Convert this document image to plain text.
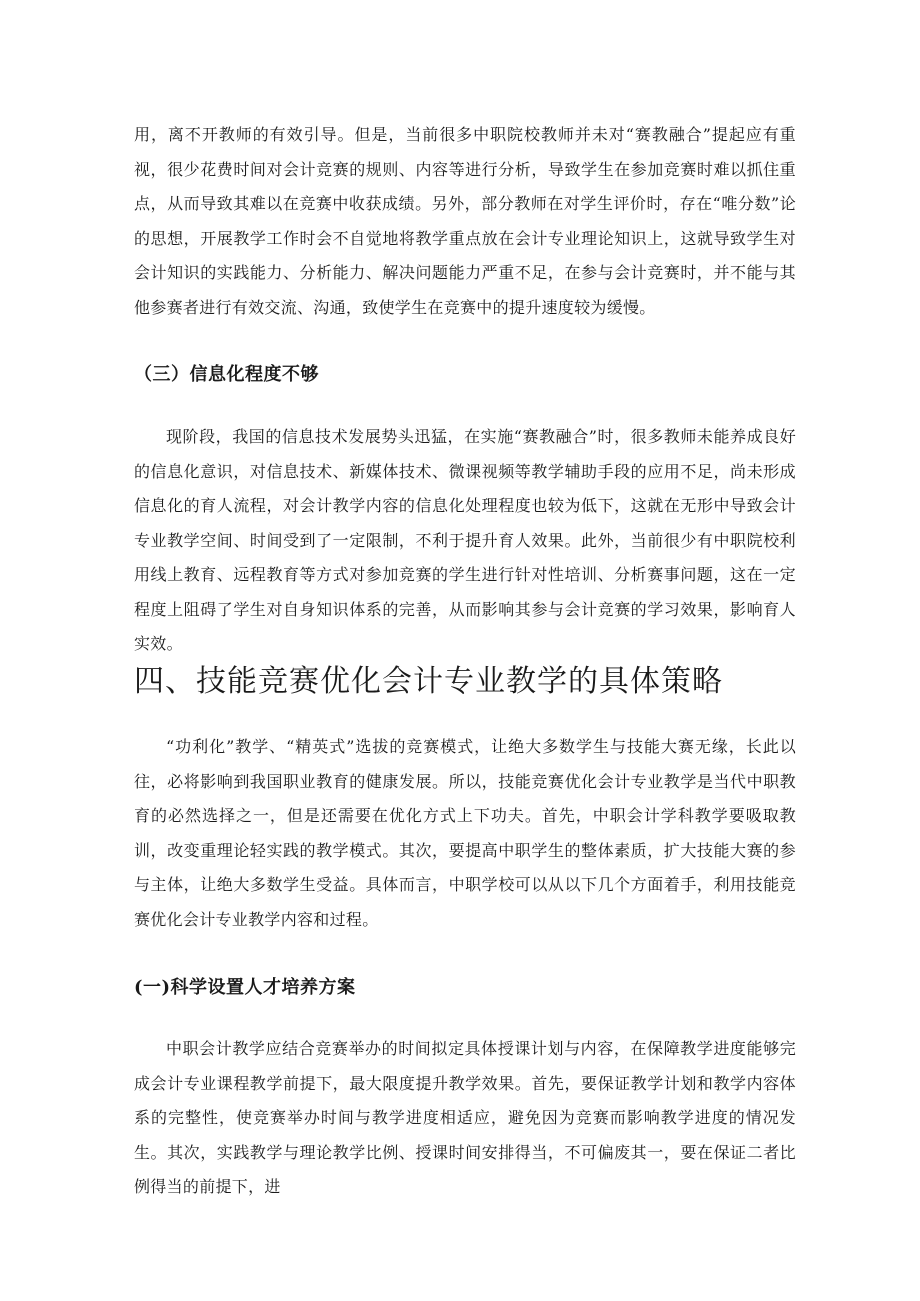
用，离不开教师的有效引导。但是，当前很多中职院校教师并未对“赛教融合”提起应有重视，很少花费时间对会计竞赛的规则、内容等进行分析，导致学生在参加竞赛时难以抓住重点，从而导致其难以在竞赛中收获成绩。另外，部分教师在对学生评价时，存在“唯分数”论的思想，开展教学工作时会不自觉地将教学重点放在会计专业理论知识上，这就导致学生对会计知识的实践能力、分析能力、解决问题能力严重不足，在参与会计竞赛时，并不能与其他参赛者进行有效交流、沟通，致使学生在竞赛中的提升速度较为缓慢。

（三）信息化程度不够

现阶段，我国的信息技术发展势头迅猛，在实施“赛教融合”时，很多教师未能养成良好的信息化意识，对信息技术、新媒体技术、微课视频等教学辅助手段的应用不足，尚未形成信息化的育人流程，对会计教学内容的信息化处理程度也较为低下，这就在无形中导致会计专业教学空间、时间受到了一定限制，不利于提升育人效果。此外，当前很少有中职院校利用线上教育、远程教育等方式对参加竞赛的学生进行针对性培训、分析赛事问题，这在一定程度上阻碍了学生对自身知识体系的完善，从而影响其参与会计竞赛的学习效果，影响育人实效。

四、技能竞赛优化会计专业教学的具体策略

“功利化”教学、“精英式”选拔的竞赛模式，让绝大多数学生与技能大赛无缘，长此以往，必将影响到我国职业教育的健康发展。所以，技能竞赛优化会计专业教学是当代中职教育的必然选择之一，但是还需要在优化方式上下功夫。首先，中职会计学科教学要吸取教训，改变重理论轻实践的教学模式。其次，要提高中职学生的整体素质，扩大技能大赛的参与主体，让绝大多数学生受益。具体而言，中职学校可以从以下几个方面着手，利用技能竞赛优化会计专业教学内容和过程。

(一)科学设置人才培养方案

中职会计教学应结合竞赛举办的时间拟定具体授课计划与内容，在保障教学进度能够完成会计专业课程教学前提下，最大限度提升教学效果。首先，要保证教学计划和教学内容体系的完整性，使竞赛举办时间与教学进度相适应，避免因为竞赛而影响教学进度的情况发生。其次，实践教学与理论教学比例、授课时间安排得当，不可偏废其一，要在保证二者比例得当的前提下，进
